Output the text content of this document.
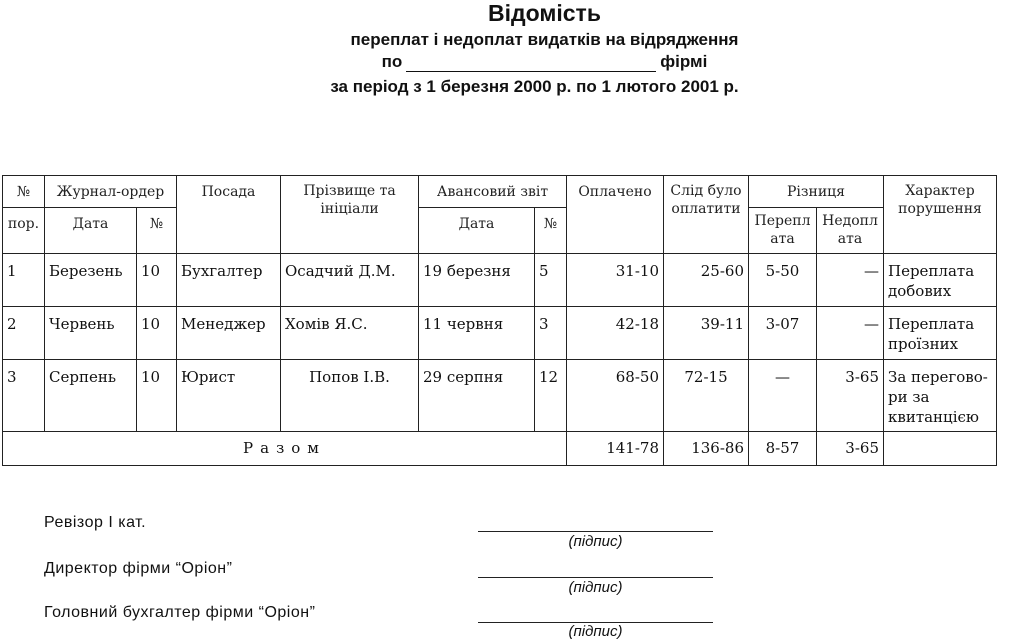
Відомість
переплат і недоплат видатків на відрядження
по	фірмі
за період з 1 березня 2000 р. по 1 лютого 2001 р.
№	Журнал-ордер		Посада	Прізвище та ініціали	Авансовий звіт		Оплачено	Слід було оплатити	Різниця		Характер порушення
пор.	Дата	№			Дата	№			Переплата	Недоплата	
1	Березень	10	Бухгалтер	Осадчий Д.М.	19 березня	5	31-10	25-60	5-50	—	Переплата добових
2	Червень	10	Менеджер	Хомів Я.С.	11 червня	3	42-18	39-11	3-07	—	Переплата проїзних
3	Серпень	10	Юрист	Попов І.В.	29 серпня	12	68-50	72-15	—	3-65	За переговори за квитанцією
Разом							141-78	136-86	8-57	3-65	
Ревізор І кат.
(підпис)
Директор фірми “Оріон”
(підпис)
Головний бухгалтер фірми “Оріон”
(підпис)
